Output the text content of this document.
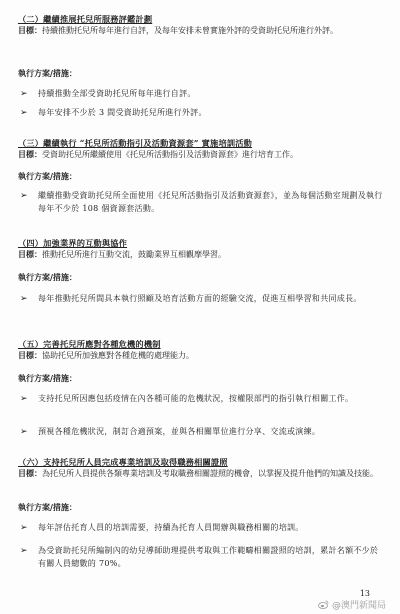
（二）繼續推展托兒所服務評鑑計劃
目標： 持續推動托兒所每年進行自評，及每年安排未曾實施外評的受資助托兒所進行外評。
執行方案/措施：
➢	持續推動全部受資助托兒所每年進行自評。
➢	每年安排不少於 3 間受資助托兒所進行外評。
（三）繼續執行 “托兒所活動指引及活動資源套” 實施培訓活動
目標： 受資助托兒所繼續使用《托兒所活動指引及活動資源套》進行培育工作。
執行方案/措施：
➢	繼續推動受資助托兒所全面使用《托兒所活動指引及活動資源套》，並為每個活動室規劃及執行每年不少於 108 個資源套活動。
（四）加強業界的互動與協作
目標： 推動托兒所進行互動交流，鼓勵業界互相觀摩學習。
執行方案/措施：
➢	每年推動托兒所間具本執行照顧及培育活動方面的經驗交流，促進互相學習和共同成長。
（五）完善托兒所應對各種危機的機制
目標： 協助托兒所加強應對各種危機的處理能力。
執行方案/措施：
➢	支持托兒所因應包括疫情在內各種可能的危機狀況，按權限部門的指引執行相關工作。
➢	預視各種危機狀況，制訂合適預案，並與各相關單位進行分享、交流或演練。
（六）支持托兒所人員完成專業培訓及取得職務相關證照
目標： 為托兒所人員提供各類專業培訓及考取職務相關證照的機會，以掌握及提升他們的知識及技能。
執行方案/措施：
➢	每年評估托育人員的培訓需要，持續為托育人員開辦與職務相關的培訓。
➢	為受資助托兒所編制內的幼兒導師助理提供考取與工作範疇相關證照的培訓，累計名額不少於有關人員總數的 70%。
13
@澳門新聞局
